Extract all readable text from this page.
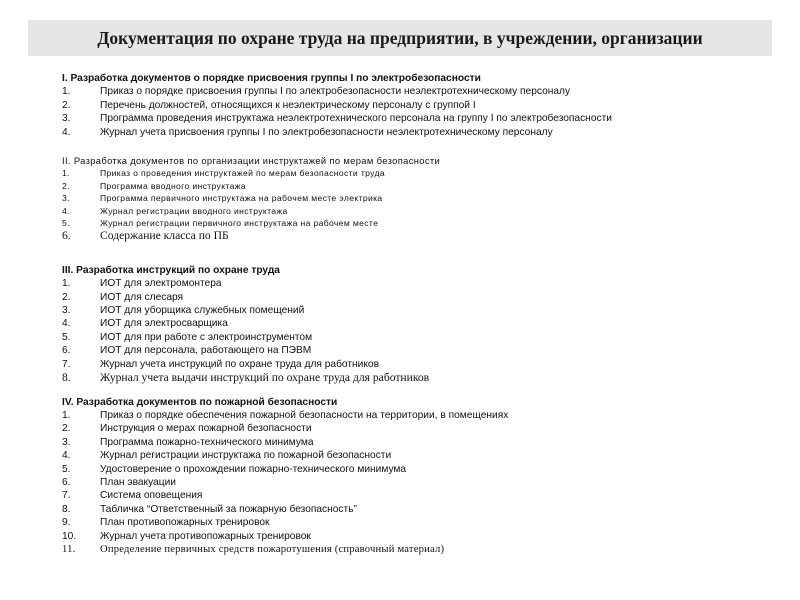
Документация по охране труда на предприятии, в учреждении, организации
I. Разработка документов о порядке присвоения группы I по электробезопасности
1.	Приказ о порядке присвоения группы I по электробезопасности неэлектротехническому персоналу
2.	Перечень должностей, относящихся к неэлектрическому персоналу с группой I
3.	Программа проведения инструктажа неэлектротехнического персонала на группу I по электробезопасности
4.	Журнал учета присвоения группы I по электробезопасности неэлектротехническому персоналу
II. Разработка документов по организации инструктажей по мерам безопасности
1.	Приказ о проведения инструктажей по мерам безопасности труда
2.	Программа вводного инструктажа
3.	Программа первичного инструктажа на рабочем месте электрика
4.	Журнал регистрации вводного инструктажа
5.	Журнал регистрации первичного инструктажа на рабочем месте
6.	Содержание класса по ПБ
III. Разработка инструкций по охране труда
1.	ИОТ для электромонтера
2.	ИОТ для слесаря
3.	ИОТ для уборщика служебных помещений
4.	ИОТ для электросварщика
5.	ИОТ для при работе с электроинструментом
6.	ИОТ для персонала, работающего на ПЭВМ
7.	Журнал учета инструкций по охране труда для работников
8.	Журнал учета выдачи инструкций по охране труда для работников
IV. Разработка документов по пожарной безопасности
1.	Приказ о порядке обеспечения пожарной безопасности на территории, в помещениях
2.	Инструкция о мерах пожарной безопасности
3.	Программа пожарно-технического минимума
4.	Журнал регистрации инструктажа по пожарной безопасности
5.	Удостоверение о прохождении пожарно-технического минимума
6.	План эвакуации
7.	Система оповещения
8.	Табличка “Ответственный за пожарную безопасность”
9.	План противопожарных тренировок
10.	Журнал учета противопожарных тренировок
11.	Определение первичных средств пожаротушения (справочный материал)
